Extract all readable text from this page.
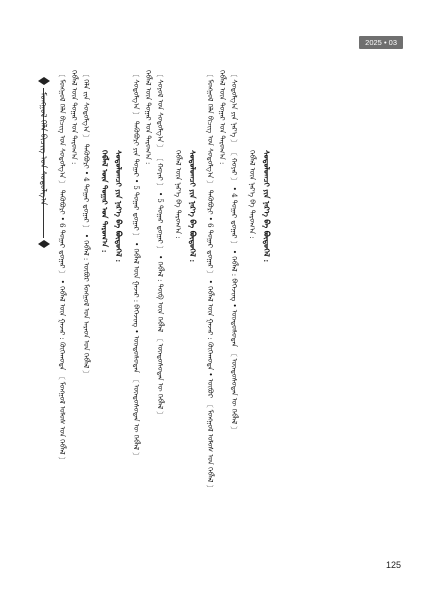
2025 • 03
ᠮᠣᠩᠭᠣᠯ ᠬᠡᠯᠡ ᠪᠢᠴᠢᠭ ᠤᠨ ᠰᠤᠳᠤᠯᠭ᠎ᠠ	〔 ᠮᠣᠩᠭᠣᠯ ᠬᠡᠯᠡ ᠪᠢᠴᠢᠭ ᠤᠨ ᠰᠤᠳᠤᠯᠭ᠎ᠠ 〕 ᠲᠡᠭᠦᠪᠦᠷᠢ • 6 ᠳᠤᠭᠠᠷ ᠳ᠋ᠤᠭᠠᠷ 〕 • ᠬᠡᠪᠯᠡᠯ ᠦᠨ ᠭᠠᠵᠠᠷ : ᠬᠥᠬᠡᠬᠣᠲᠠ 〔 ᠮᠣᠩᠭᠣᠯ ᠤᠯᠤᠰ ᠤᠨ ᠬᠡᠪᠯᠡᠯ 〕 ᠬᠡᠪᠯᠡᠯ ᠦᠨ ᠳᠤᠭᠠᠷ ᠤᠨ ᠳᠠᠷᠤᠭ᠎ᠠ : 〔 ᠬᠡᠯᠡ ᠵᠢᠨ ᠰᠤᠳᠤᠯᠭ᠎ᠠ 〕 ᠲᠡᠭᠦᠪᠦᠷᠢ • 4 ᠳᠤᠭᠠᠷ ᠳ᠋ᠤᠭᠠᠷ 〕 • ᠬᠡᠪᠯᠡᠯ : ᠥᠪᠥᠷ ᠮᠣᠩᠭᠣᠯ ᠤᠨ ᠠᠷᠠᠳ ᠤᠨ ᠬᠡᠪᠯᠡᠯ 〕 ᠬᠡᠪᠯᠡᠯ ᠦᠨ ᠳᠤᠭᠠᠷ ᠤᠨ ᠳᠠᠷᠤᠭ᠎ᠠ : ᠰᠤᠳᠤᠯᠤᠭᠴᠢ ᠶᠢᠨ ᠨᠡᠷ᠎ᠡ ᠪᠠ ᠪᠦᠲᠦᠭᠡᠯ : 〔 ᠰᠤᠳᠤᠯᠭ᠎ᠠ 〕 ᠲᠡᠭᠦᠪᠦᠷᠢ ᠶᠢᠨ ᠳᠤᠭᠠᠷ • 5 ᠳᠤᠭᠠᠷ ᠳ᠋ᠤᠭᠠᠷ 〕 • ᠬᠡᠪᠯᠡᠯ ᠦᠨ ᠭᠠᠵᠠᠷ : ᠪᠡᠭᠡᠵᠢᠩ • ᠦᠨᠳᠦᠰᠦᠲᠡᠨ 〔 ᠦᠨᠳᠦᠰᠦᠲᠡᠨ ᠦ ᠬᠡᠪᠯᠡᠯ 〕 ᠬᠡᠪᠯᠡᠯ ᠦᠨ ᠳᠤᠭᠠᠷ ᠤᠨ ᠳᠠᠷᠤᠭ᠎ᠠ : 〔 ᠰᠣᠶᠣᠯ ᠤᠨ ᠰᠤᠳᠤᠯᠭ᠎ᠠ 〕 〔 ᠬᠣᠶᠠᠷ 〕 • 5 ᠳᠤᠭᠠᠷ ᠳ᠋ᠤᠭᠠᠷ 〕 • ᠬᠡᠪᠯᠡᠯ : ᠲᠥᠪ ᠦᠨ ᠬᠡᠪᠯᠡᠯ 〔 ᠦᠨᠳᠦᠰᠦᠲᠡᠨ ᠦ ᠬᠡᠪᠯᠡᠯ 〕 ᠬᠡᠪᠯᠡᠯ ᠦᠨ ᠨᠡᠷ᠎ᠡ ᠪᠠ ᠳᠠᠷᠤᠭ᠎ᠠ : ᠰᠤᠳᠤᠯᠤᠭᠴᠢ ᠶᠢᠨ ᠨᠡᠷ᠎ᠡ ᠪᠠ ᠪᠦᠲᠦᠭᠡᠯ : 〔 ᠮᠣᠩᠭᠣᠯ ᠬᠡᠯᠡ ᠪᠢᠴᠢᠭ ᠤᠨ ᠰᠤᠳᠤᠯᠭ᠎ᠠ 〕 ᠲᠡᠭᠦᠪᠦᠷᠢ • 6 ᠳᠤᠭᠠᠷ ᠳ᠋ᠤᠭᠠᠷ 〕 • ᠬᠡᠪᠯᠡᠯ ᠦᠨ ᠭᠠᠵᠠᠷ : ᠬᠥᠬᠡᠬᠣᠲᠠ • ᠥᠪᠥᠷ 〔 ᠮᠣᠩᠭᠣᠯ ᠤᠯᠤᠰ ᠤᠨ ᠬᠡᠪᠯᠡᠯ 〕 ᠬᠡᠪᠯᠡᠯ ᠦᠨ ᠳᠤᠭᠠᠷ ᠤᠨ ᠳᠠᠷᠤᠭ᠎ᠠ : 〔 ᠰᠤᠳᠤᠯᠭ᠎ᠠ ᠶᠢᠨ ᠨᠡᠷ᠎ᠡ 〕 〔 ᠬᠣᠶᠠᠷ 〕 • 4 ᠳᠤᠭᠠᠷ ᠳ᠋ᠤᠭᠠᠷ 〕 • ᠬᠡᠪᠯᠡᠯ : ᠪᠡᠭᠡᠵᠢᠩ • ᠦᠨᠳᠦᠰᠦᠲᠡᠨ 〔 ᠦᠨᠳᠦᠰᠦᠲᠡᠨ ᠦ ᠬᠡᠪᠯᠡᠯ 〕 ᠬᠡᠪᠯᠡᠯ ᠦᠨ ᠨᠡᠷ᠎ᠡ ᠪᠠ ᠳᠠᠷᠤᠭ᠎ᠠ : ᠰᠤᠳᠤᠯᠤᠭᠴᠢ ᠶᠢᠨ ᠨᠡᠷ᠎ᠡ ᠪᠠ ᠪᠦᠲᠦᠭᠡᠯ :
125
